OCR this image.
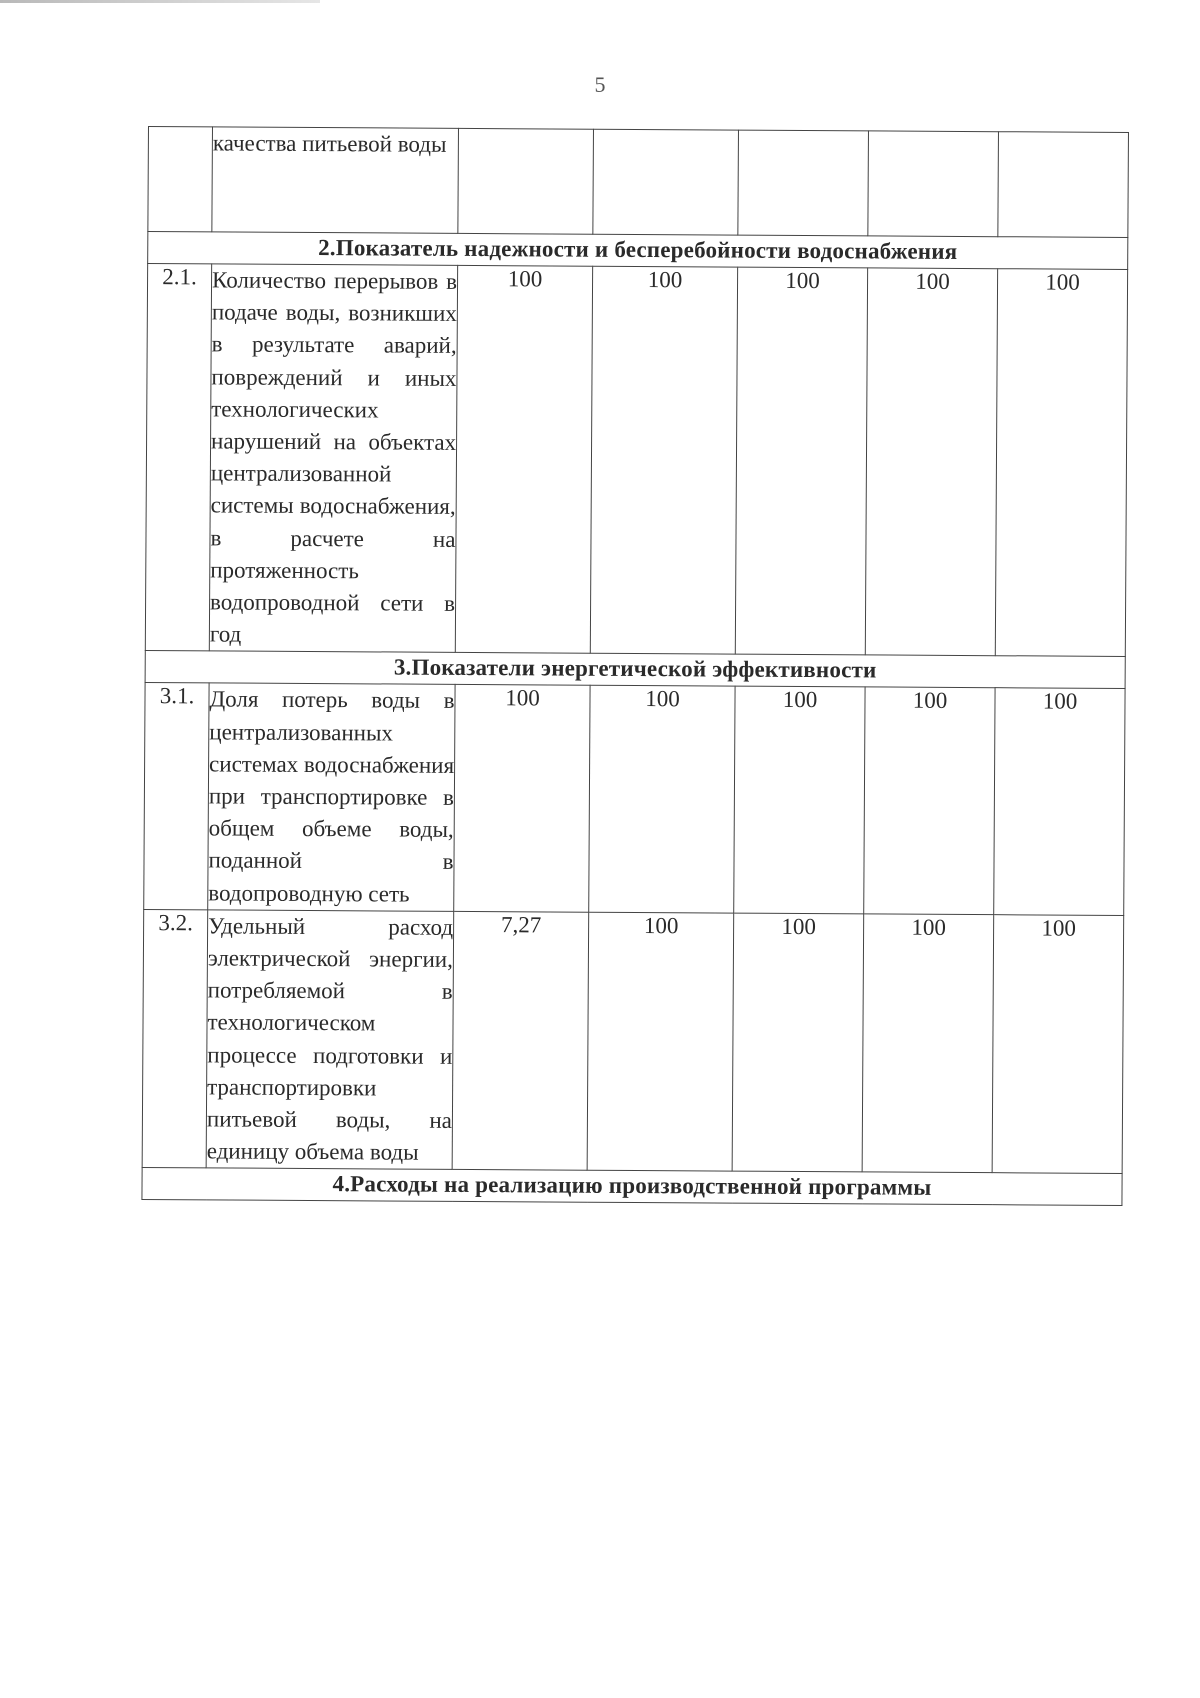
5
	качества питьевой воды					
2.Показатель надежности и бесперебойности водоснабжения						
2.1.	Количество перерывов в подаче воды, возникших в результате аварий, повреждений и иных технологических нарушений на объектах централизованной системы водоснабжения, в расчете на протяженность водопроводной сети в год	100	100	100	100	100
3.Показатели энергетической эффективности						
3.1.	Доля потерь воды в централизованных системах водоснабжения при транспортировке в общем объеме воды, поданной в водопроводную сеть	100	100	100	100	100
3.2.	Удельный расход электрической энергии, потребляемой в технологическом процессе подготовки и транспортировки питьевой воды, на единицу объема воды	7,27	100	100	100	100
4.Расходы на реализацию производственной программы						
